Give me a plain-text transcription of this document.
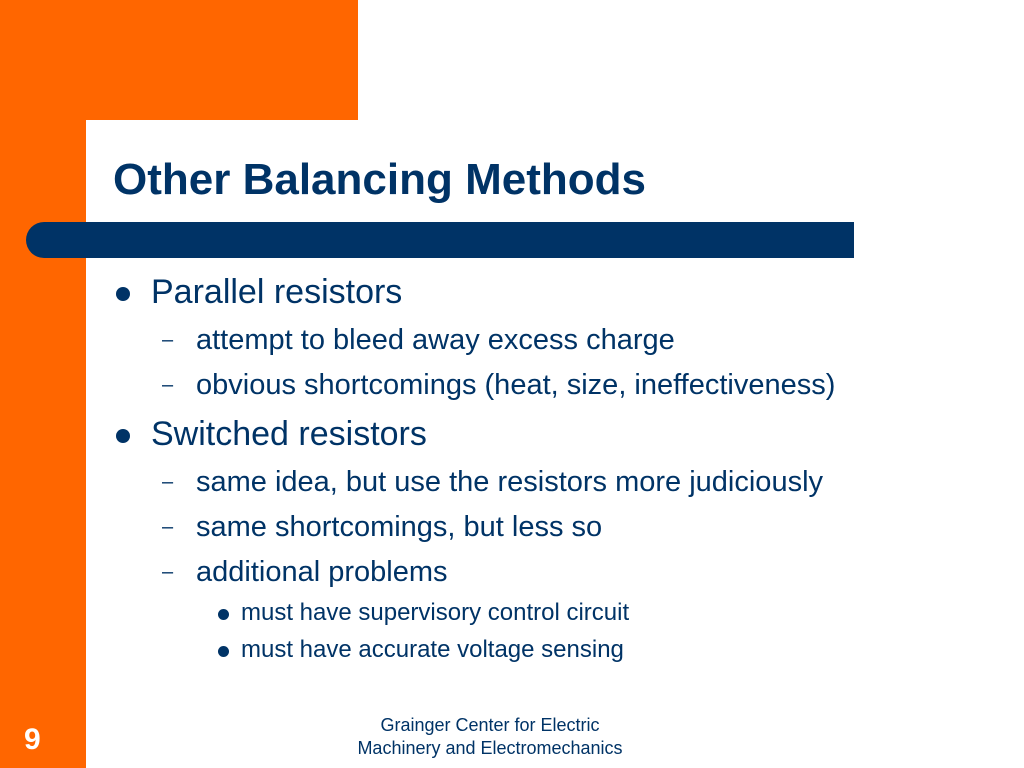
Other Balancing Methods
Parallel resistors
– attempt to bleed away excess charge
– obvious shortcomings (heat, size, ineffectiveness)
Switched resistors
– same idea, but use the resistors more judiciously
– same shortcomings, but less so
– additional problems
must have supervisory control circuit
must have accurate voltage sensing
9	Grainger Center for Electric
Machinery and Electromechanics
